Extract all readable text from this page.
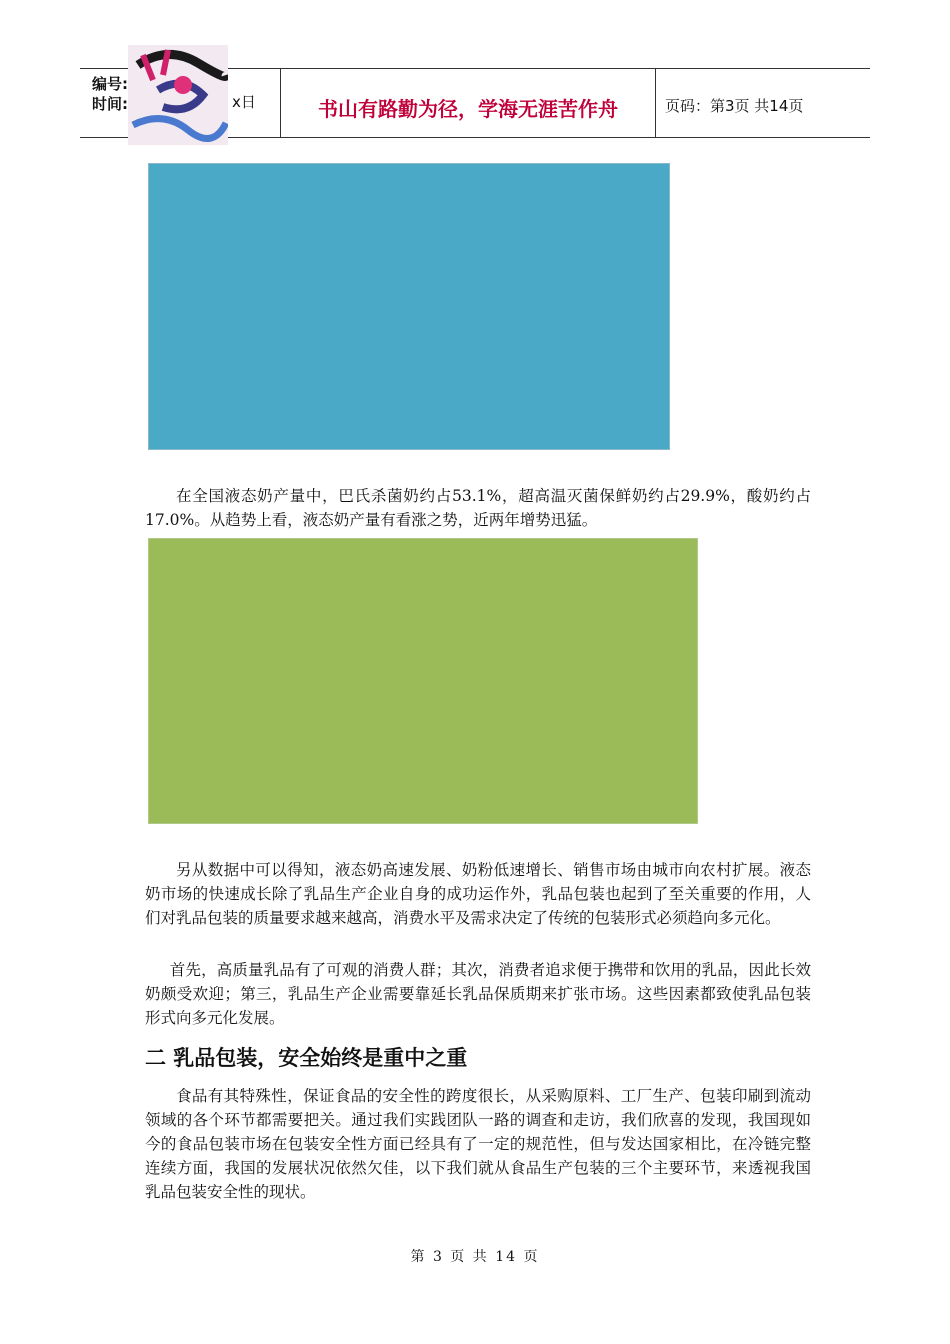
编号:
时间:	x日	书山有路勤为径，学海无涯苦作舟	页码：第3页 共14页

在全国液态奶产量中，巴氏杀菌奶约占53.1%，超高温灭菌保鲜奶约占29.9%，酸奶约占17.0%。从趋势上看，液态奶产量有看涨之势，近两年增势迅猛。

另从数据中可以得知，液态奶高速发展、奶粉低速增长、销售市场由城市向农村扩展。液态奶市场的快速成长除了乳品生产企业自身的成功运作外，乳品包装也起到了至关重要的作用，人们对乳品包装的质量要求越来越高，消费水平及需求决定了传统的包装形式必须趋向多元化。

首先，高质量乳品有了可观的消费人群；其次，消费者追求便于携带和饮用的乳品，因此长效奶颇受欢迎；第三，乳品生产企业需要靠延长乳品保质期来扩张市场。这些因素都致使乳品包装形式向多元化发展。

二 乳品包装，安全始终是重中之重

食品有其特殊性，保证食品的安全性的跨度很长，从采购原料、工厂生产、包装印刷到流动领域的各个环节都需要把关。通过我们实践团队一路的调查和走访，我们欣喜的发现，我国现如今的食品包装市场在包装安全性方面已经具有了一定的规范性，但与发达国家相比，在冷链完整连续方面，我国的发展状况依然欠佳，以下我们就从食品生产包装的三个主要环节，来透视我国乳品包装安全性的现状。

第 3 页 共 14 页
